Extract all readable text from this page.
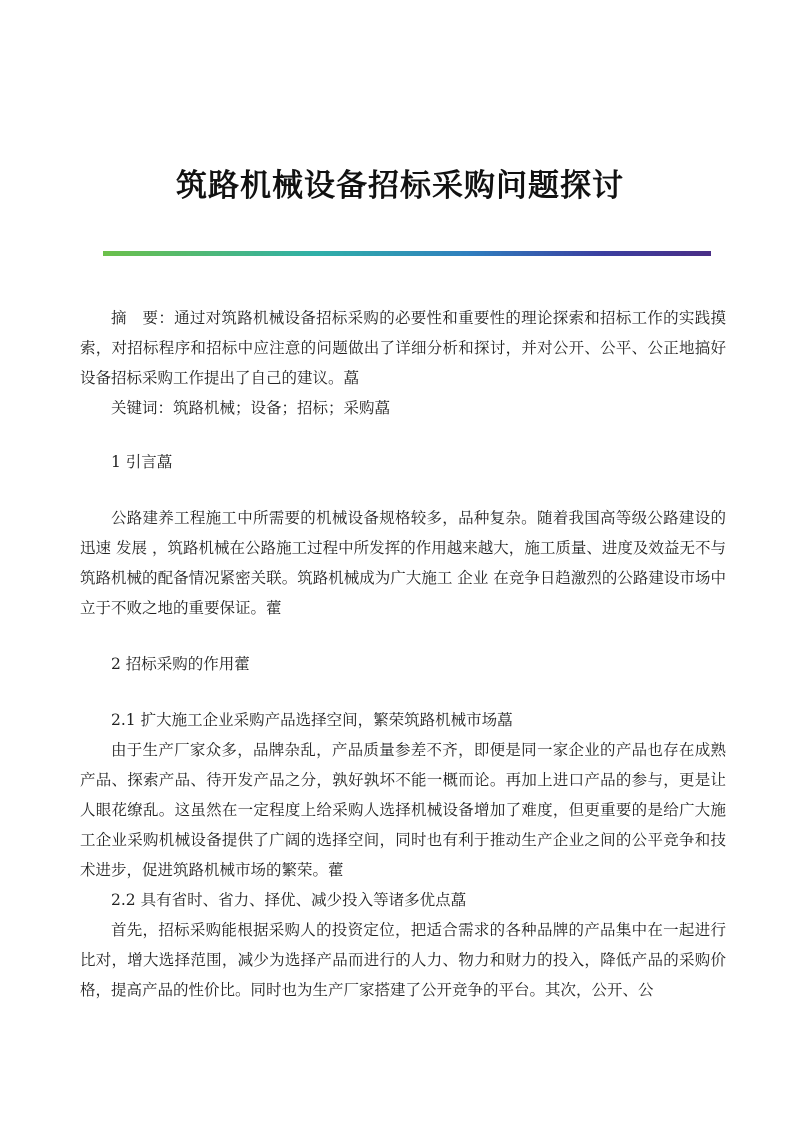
筑路机械设备招标采购问题探讨

摘　要：通过对筑路机械设备招标采购的必要性和重要性的理论探索和招标工作的实践摸索，对招标程序和招标中应注意的问题做出了详细分析和探讨，并对公开、公平、公正地搞好设备招标采购工作提出了自己的建议。藠

关键词：筑路机械；设备；招标；采购藠

1 引言藠

公路建养工程施工中所需要的机械设备规格较多，品种复杂。随着我国高等级公路建设的迅速 发展 ，筑路机械在公路施工过程中所发挥的作用越来越大，施工质量、进度及效益无不与筑路机械的配备情况紧密关联。筑路机械成为广大施工 企业 在竞争日趋激烈的公路建设市场中立于不败之地的重要保证。藿

2 招标采购的作用藿

2.1 扩大施工企业采购产品选择空间，繁荣筑路机械市场藠

由于生产厂家众多，品牌杂乱，产品质量参差不齐，即便是同一家企业的产品也存在成熟产品、探索产品、待开发产品之分，孰好孰坏不能一概而论。再加上进口产品的参与，更是让人眼花缭乱。这虽然在一定程度上给采购人选择机械设备增加了难度，但更重要的是给广大施工企业采购机械设备提供了广阔的选择空间，同时也有利于推动生产企业之间的公平竞争和技术进步，促进筑路机械市场的繁荣。藿

2.2 具有省时、省力、择优、减少投入等诸多优点藠

首先，招标采购能根据采购人的投资定位，把适合需求的各种品牌的产品集中在一起进行比对，增大选择范围，减少为选择产品而进行的人力、物力和财力的投入，降低产品的采购价格，提高产品的性价比。同时也为生产厂家搭建了公开竞争的平台。其次，公开、公
